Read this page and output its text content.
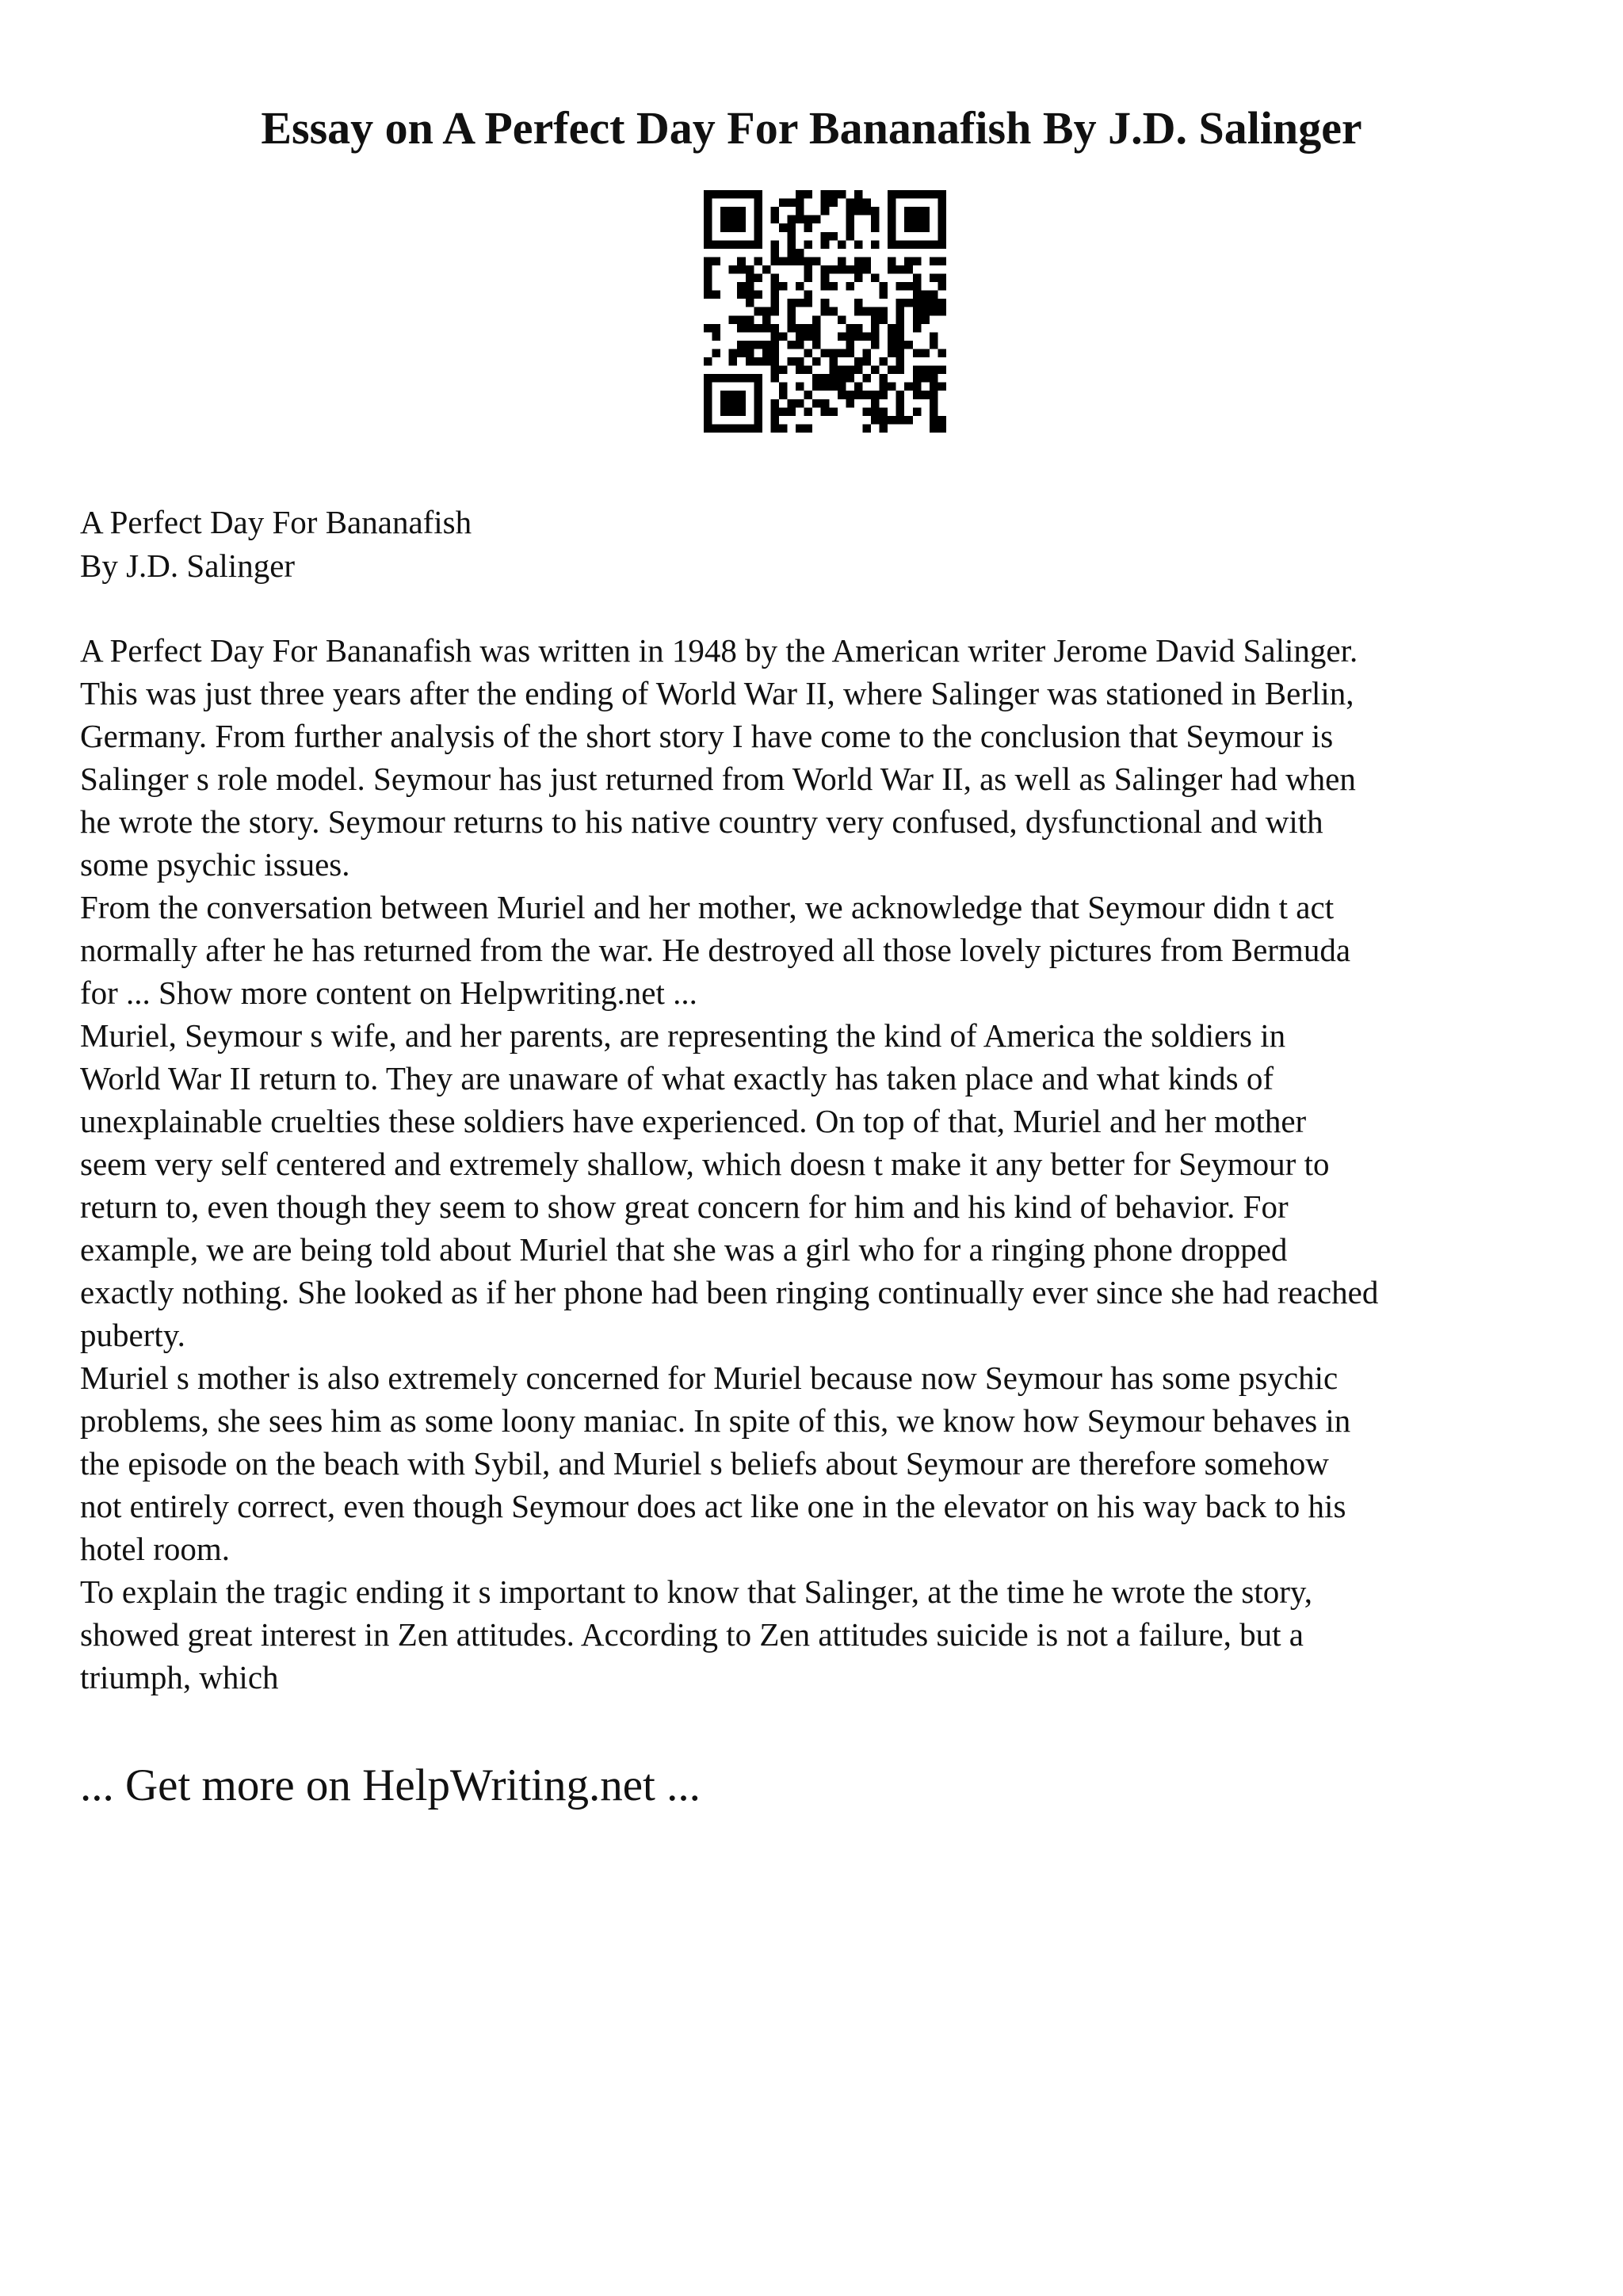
Essay on A Perfect Day For Bananafish By J.D. Salinger
A Perfect Day For Bananafish
By J.D. Salinger

A Perfect Day For Bananafish was written in 1948 by the American writer Jerome David Salinger.
This was just three years after the ending of World War II, where Salinger was stationed in Berlin,
Germany. From further analysis of the short story I have come to the conclusion that Seymour is
Salinger s role model. Seymour has just returned from World War II, as well as Salinger had when
he wrote the story. Seymour returns to his native country very confused, dysfunctional and with
some psychic issues.

From the conversation between Muriel and her mother, we acknowledge that Seymour didn t act
normally after he has returned from the war. He destroyed all those lovely pictures from Bermuda
for ... Show more content on Helpwriting.net ...

Muriel, Seymour s wife, and her parents, are representing the kind of America the soldiers in
World War II return to. They are unaware of what exactly has taken place and what kinds of
unexplainable cruelties these soldiers have experienced. On top of that, Muriel and her mother
seem very self centered and extremely shallow, which doesn t make it any better for Seymour to
return to, even though they seem to show great concern for him and his kind of behavior. For
example, we are being told about Muriel that she was a girl who for a ringing phone dropped
exactly nothing. She looked as if her phone had been ringing continually ever since she had reached
puberty.

Muriel s mother is also extremely concerned for Muriel because now Seymour has some psychic
problems, she sees him as some loony maniac. In spite of this, we know how Seymour behaves in
the episode on the beach with Sybil, and Muriel s beliefs about Seymour are therefore somehow
not entirely correct, even though Seymour does act like one in the elevator on his way back to his
hotel room.

To explain the tragic ending it s important to know that Salinger, at the time he wrote the story,
showed great interest in Zen attitudes. According to Zen attitudes suicide is not a failure, but a
triumph, which

... Get more on HelpWriting.net ...
